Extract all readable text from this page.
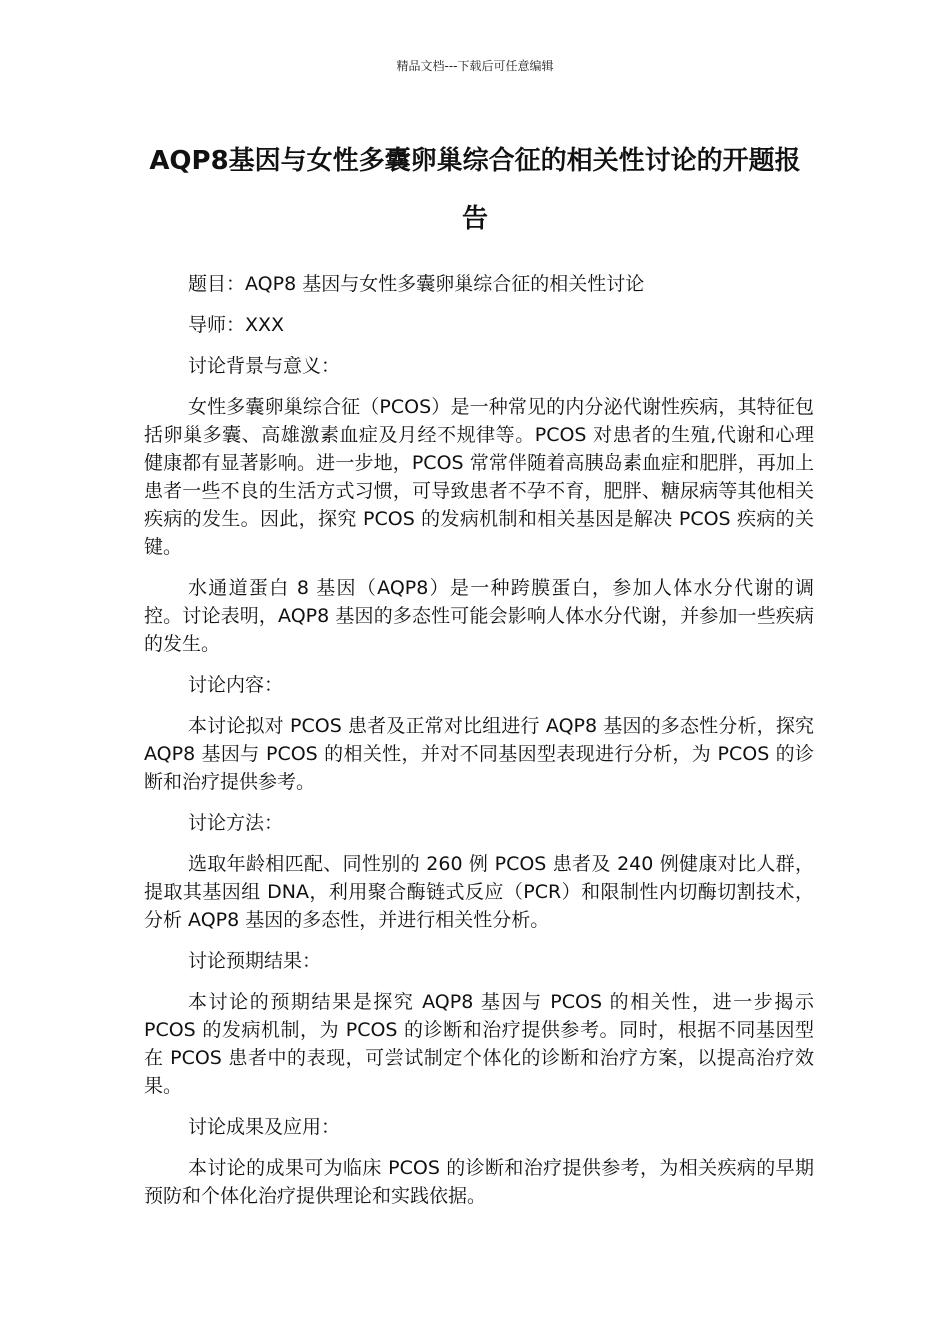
精品文档---下载后可任意编辑
AQP8基因与女性多囊卵巢综合征的相关性讨论的开题报告

题目：AQP8 基因与女性多囊卵巢综合征的相关性讨论

导师：XXX

讨论背景与意义：

女性多囊卵巢综合征（PCOS）是一种常见的内分泌代谢性疾病，其特征包括卵巢多囊、高雄激素血症及月经不规律等。PCOS 对患者的生殖,代谢和心理健康都有显著影响。进一步地，PCOS 常常伴随着高胰岛素血症和肥胖，再加上患者一些不良的生活方式习惯，可导致患者不孕不育，肥胖、糖尿病等其他相关疾病的发生。因此，探究 PCOS 的发病机制和相关基因是解决 PCOS 疾病的关键。

水通道蛋白 8 基因（AQP8）是一种跨膜蛋白，参加人体水分代谢的调控。讨论表明，AQP8 基因的多态性可能会影响人体水分代谢，并参加一些疾病的发生。

讨论内容：

本讨论拟对 PCOS 患者及正常对比组进行 AQP8 基因的多态性分析，探究 AQP8 基因与 PCOS 的相关性，并对不同基因型表现进行分析，为 PCOS 的诊断和治疗提供参考。

讨论方法：

选取年龄相匹配、同性别的 260 例 PCOS 患者及 240 例健康对比人群，提取其基因组 DNA，利用聚合酶链式反应（PCR）和限制性内切酶切割技术，分析 AQP8 基因的多态性，并进行相关性分析。

讨论预期结果：

本讨论的预期结果是探究 AQP8 基因与 PCOS 的相关性，进一步揭示 PCOS 的发病机制，为 PCOS 的诊断和治疗提供参考。同时，根据不同基因型在 PCOS 患者中的表现，可尝试制定个体化的诊断和治疗方案，以提高治疗效果。

讨论成果及应用：

本讨论的成果可为临床 PCOS 的诊断和治疗提供参考，为相关疾病的早期预防和个体化治疗提供理论和实践依据。
